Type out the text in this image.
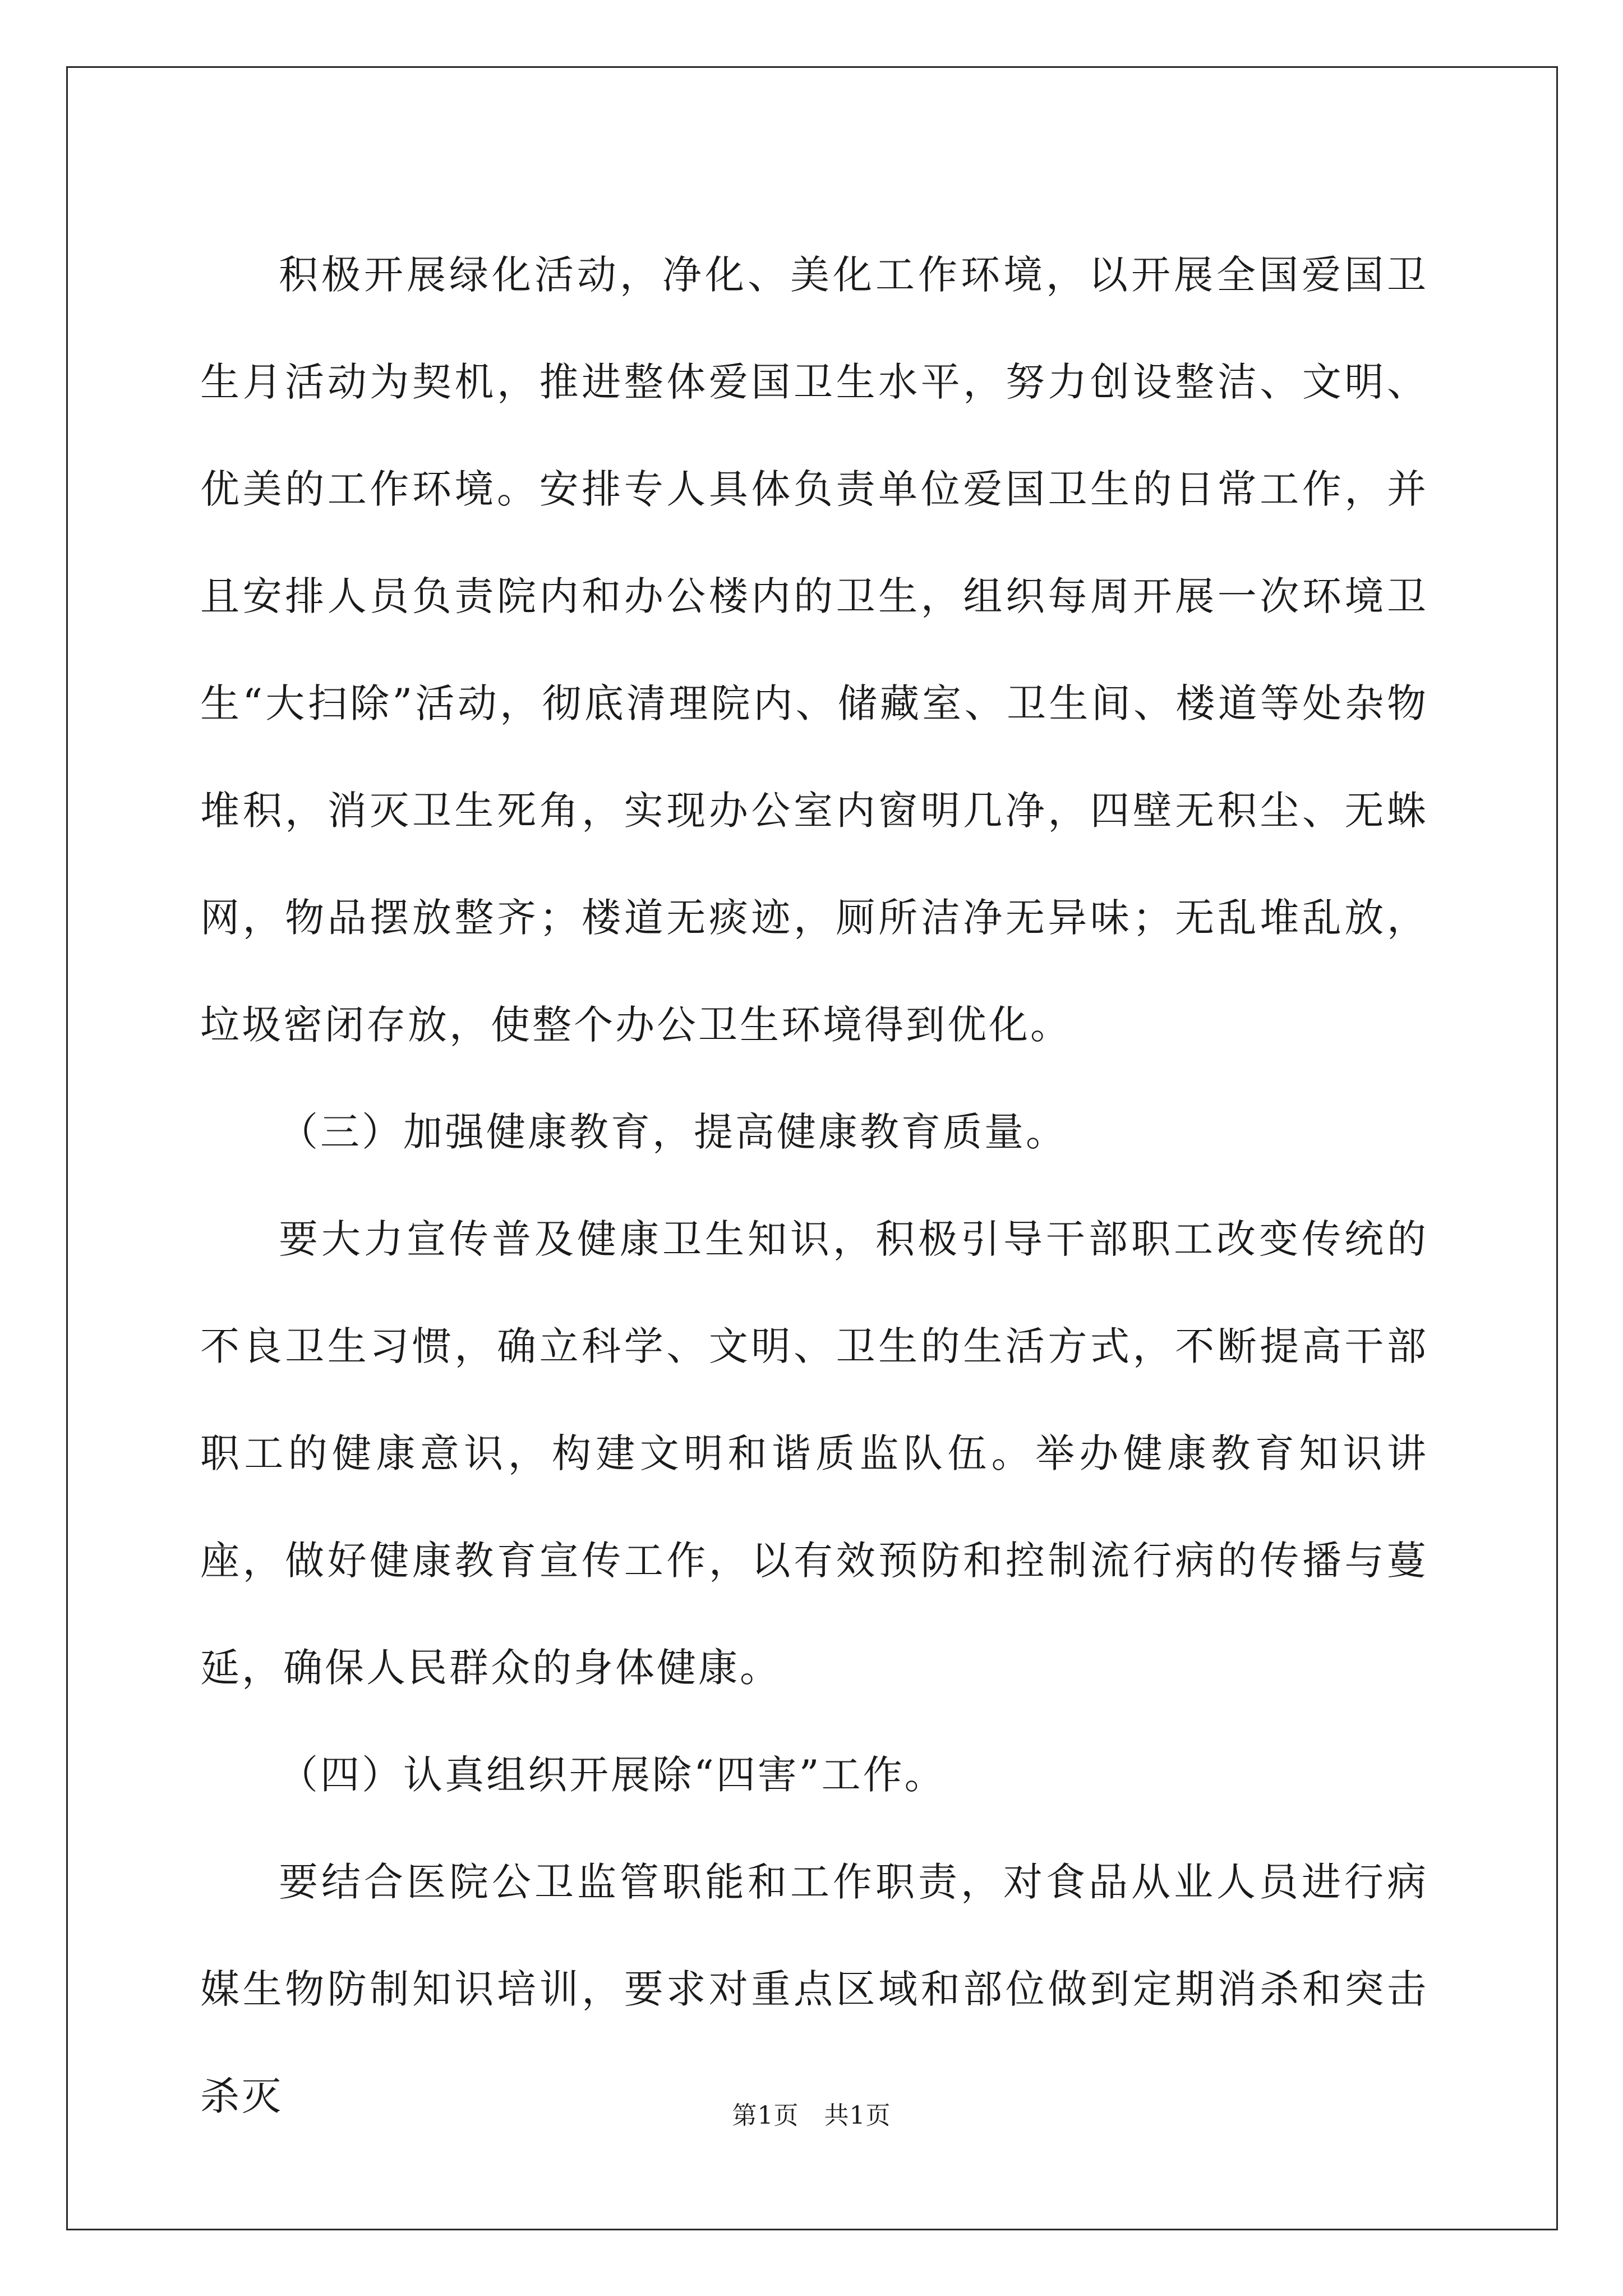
积极开展绿化活动，净化、美化工作环境，以开展全国爱国卫生月活动为契机，推进整体爱国卫生水平，努力创设整洁、文明、优美的工作环境。安排专人具体负责单位爱国卫生的日常工作，并且安排人员负责院内和办公楼内的卫生，组织每周开展一次环境卫生“大扫除”活动，彻底清理院内、储藏室、卫生间、楼道等处杂物堆积，消灭卫生死角，实现办公室内窗明几净，四壁无积尘、无蛛网，物品摆放整齐；楼道无痰迹，厕所洁净无异味；无乱堆乱放，垃圾密闭存放，使整个办公卫生环境得到优化。

（三）加强健康教育，提高健康教育质量。

要大力宣传普及健康卫生知识，积极引导干部职工改变传统的不良卫生习惯，确立科学、文明、卫生的生活方式，不断提高干部职工的健康意识，构建文明和谐质监队伍。举办健康教育知识讲座，做好健康教育宣传工作，以有效预防和控制流行病的传播与蔓延，确保人民群众的身体健康。

（四）认真组织开展除“四害”工作。

要结合医院公卫监管职能和工作职责，对食品从业人员进行病媒生物防制知识培训，要求对重点区域和部位做到定期消杀和突击杀灭	第1页　共1页
